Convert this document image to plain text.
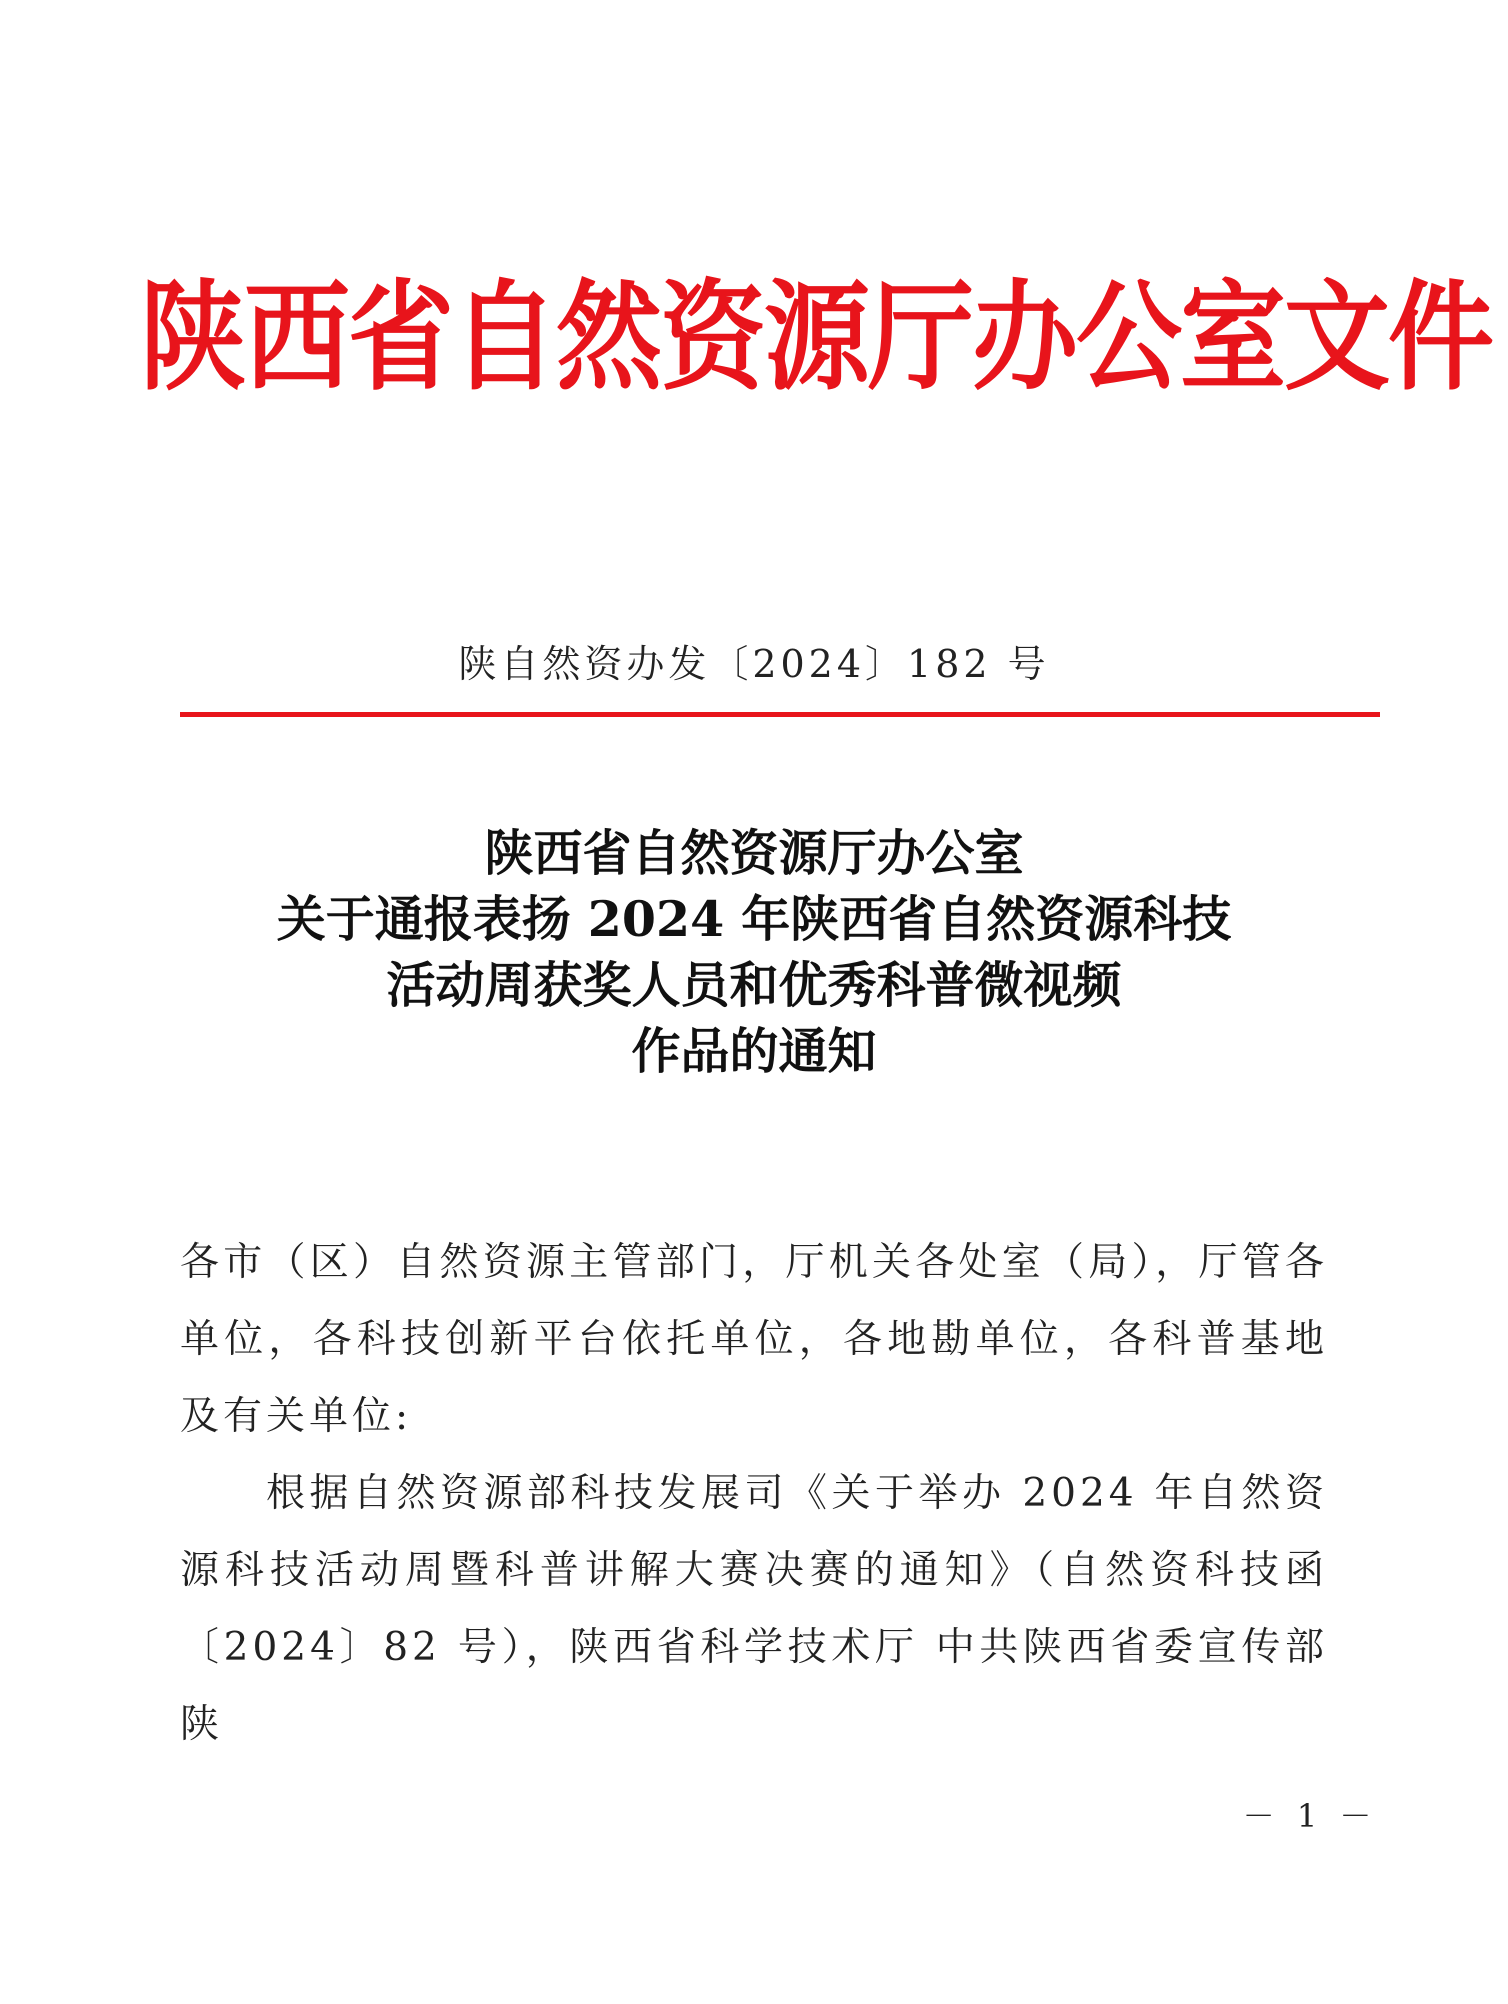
陕西省自然资源厅办公室文件
陕自然资办发〔2024〕182 号
陕西省自然资源厅办公室
关于通报表扬 2024 年陕西省自然资源科技
活动周获奖人员和优秀科普微视频
作品的通知

各市（区）自然资源主管部门，厅机关各处室（局），厅管各单位，各科技创新平台依托单位，各地勘单位，各科普基地及有关单位:

根据自然资源部科技发展司《关于举办 2024 年自然资源科技活动周暨科普讲解大赛决赛的通知》（自然资科技函〔2024〕82 号），陕西省科学技术厅 中共陕西省委宣传部 陕

－ 1 －
